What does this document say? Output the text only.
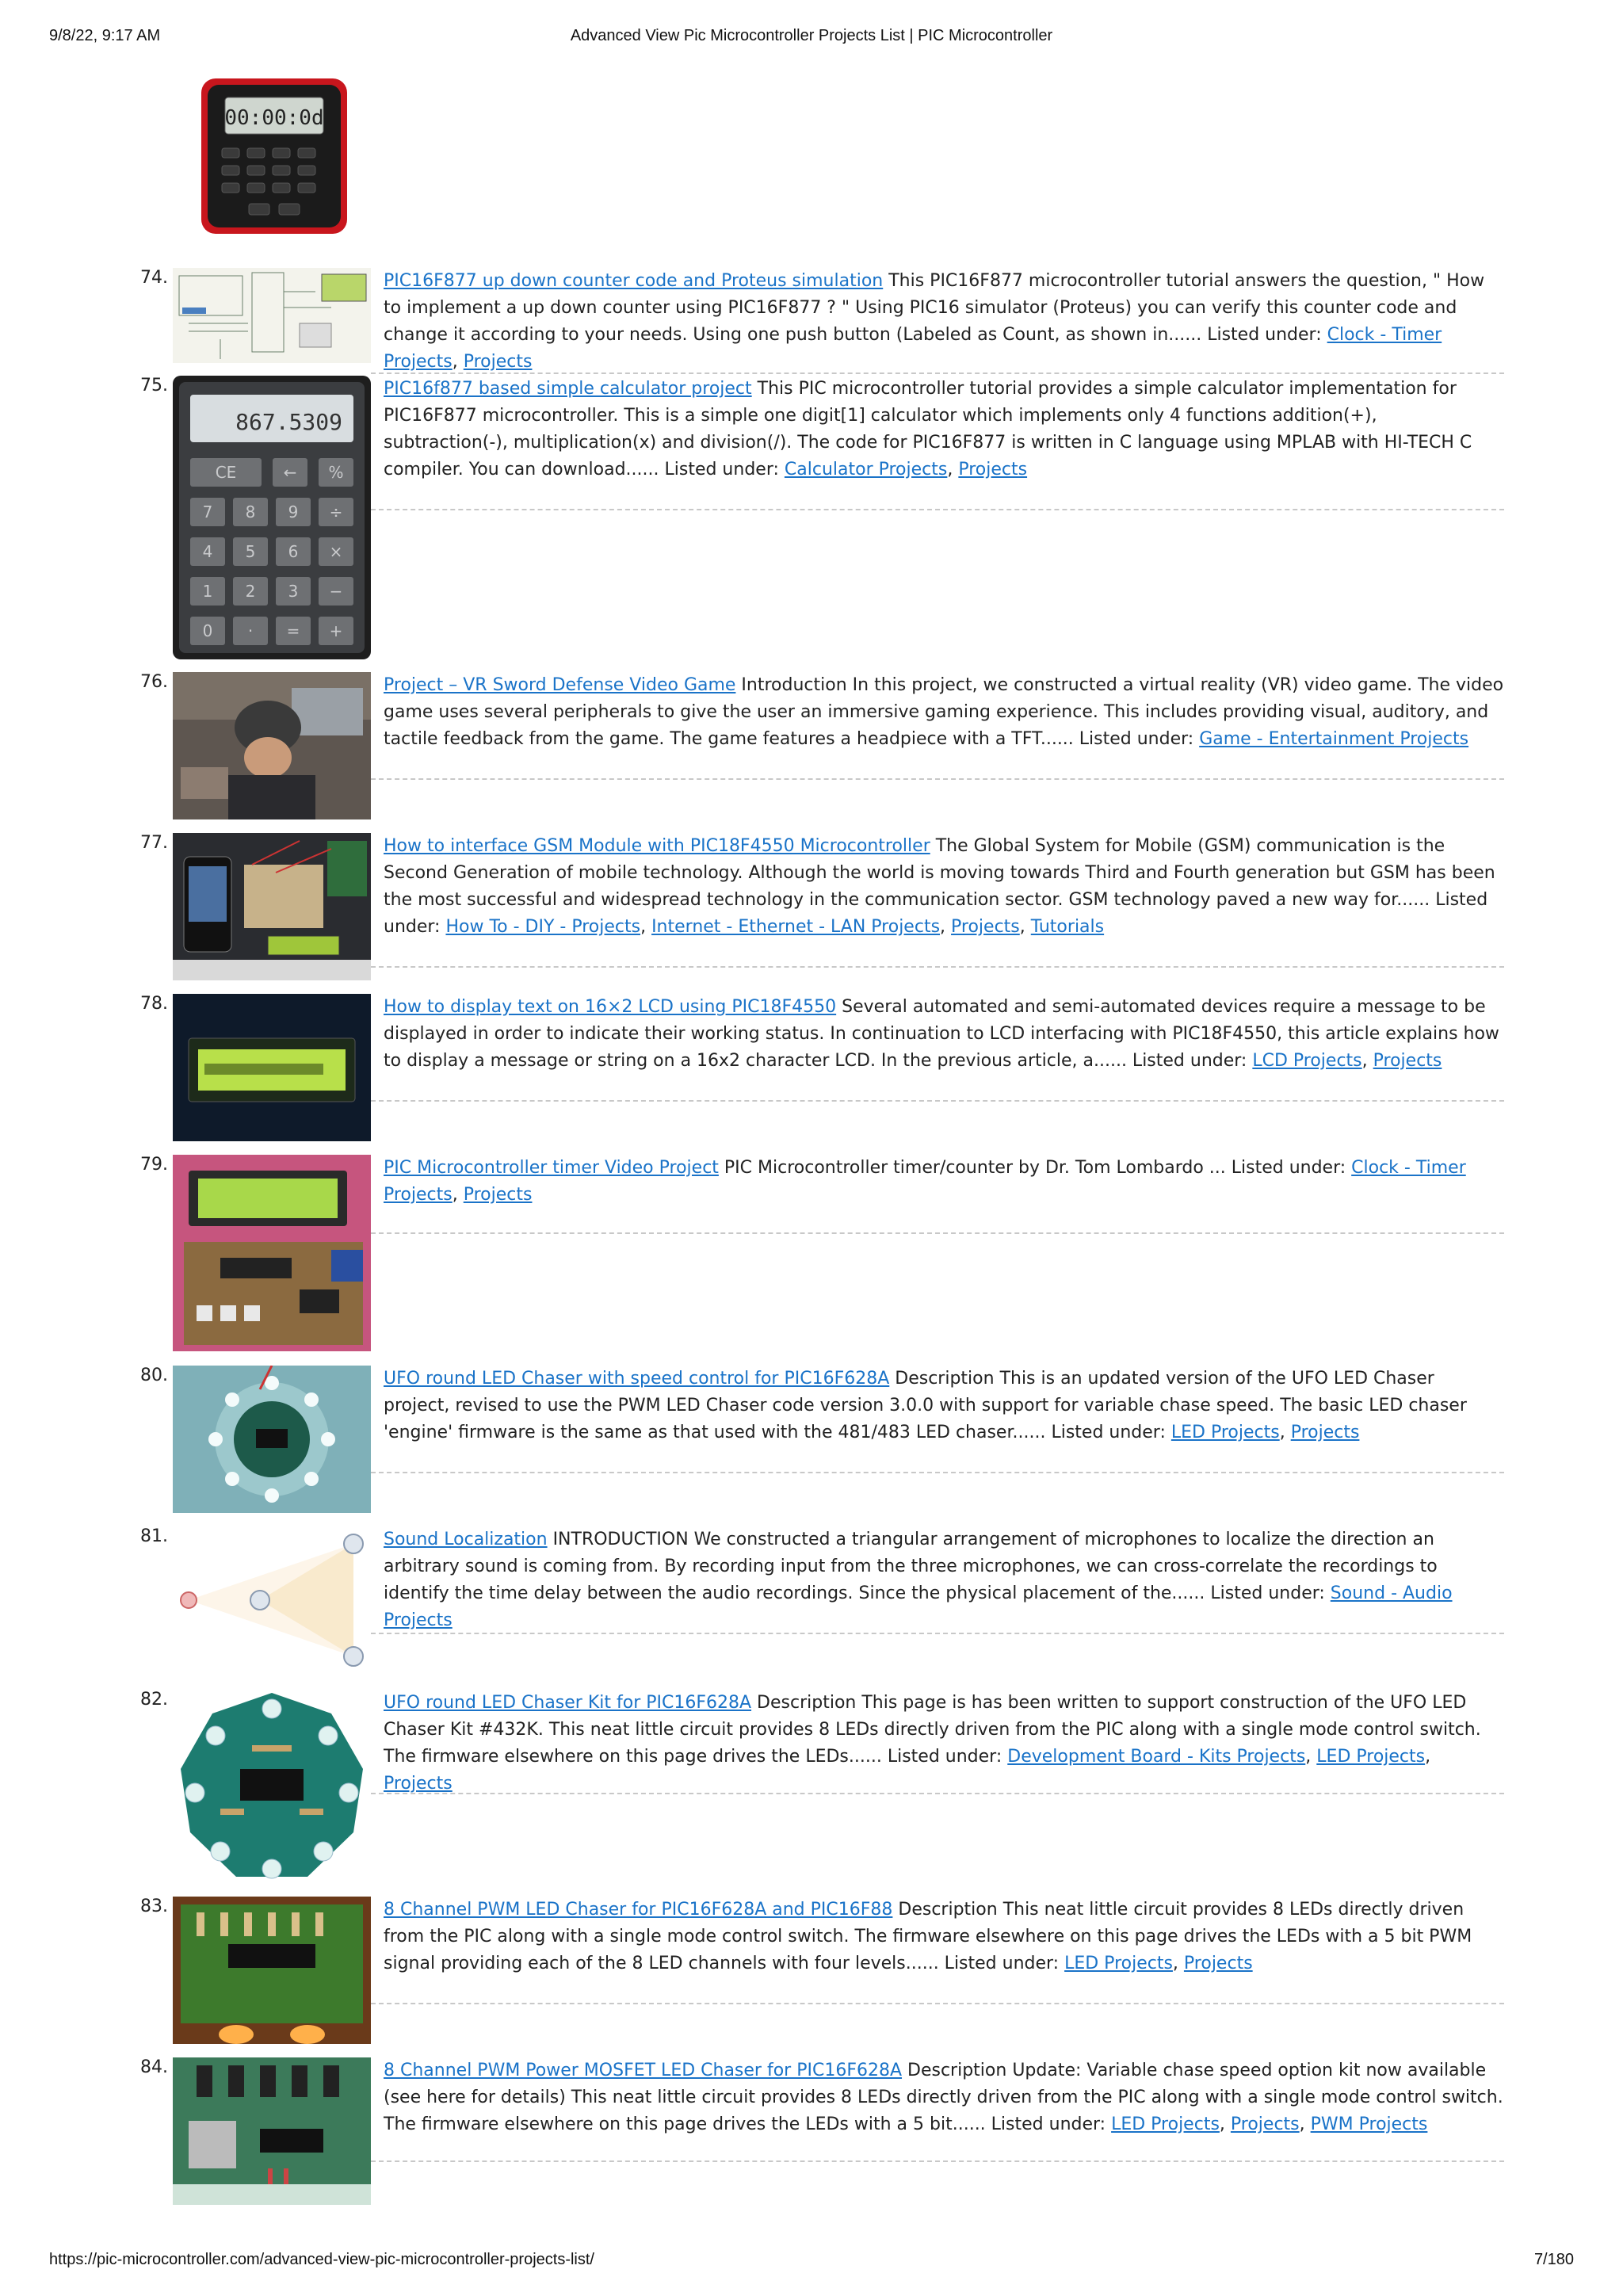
9/8/22, 9:17 AM	Advanced View Pic Microcontroller Projects List | PIC Microcontroller
00:00:0d
74.	PIC16F877 up down counter code and Proteus simulation This PIC16F877 microcontroller tutorial answers the question, " How to implement a up down counter using PIC16F877 ? " Using PIC16 simulator (Proteus) you can verify this counter code and change it according to your needs. Using one push button (Labeled as Count, as shown in...... Listed under: Clock - Timer Projects, Projects
75.
867.5309
CE	← %
7 8 9 ÷
4 5 6 ×
1 2 3 −
0 · = +
PIC16f877 based simple calculator project This PIC microcontroller tutorial provides a simple calculator implementation for PIC16F877 microcontroller. This is a simple one digit[1] calculator which implements only 4 functions addition(+), subtraction(-), multiplication(x) and division(/). The code for PIC16F877 is written in C language using MPLAB with HI-TECH C compiler. You can download...... Listed under: Calculator Projects, Projects
76.	Project – VR Sword Defense Video Game Introduction In this project, we constructed a virtual reality (VR) video game. The video game uses several peripherals to give the user an immersive gaming experience. This includes providing visual, auditory, and tactile feedback from the game. The game features a headpiece with a TFT...... Listed under: Game - Entertainment Projects
77.	How to interface GSM Module with PIC18F4550 Microcontroller The Global System for Mobile (GSM) communication is the Second Generation of mobile technology. Although the world is moving towards Third and Fourth generation but GSM has been the most successful and widespread technology in the communication sector. GSM technology paved a new way for...... Listed under: How To - DIY - Projects, Internet - Ethernet - LAN Projects, Projects, Tutorials
78.	How to display text on 16×2 LCD using PIC18F4550 Several automated and semi-automated devices require a message to be displayed in order to indicate their working status. In continuation to LCD interfacing with PIC18F4550, this article explains how to display a message or string on a 16x2 character LCD. In the previous article, a...... Listed under: LCD Projects, Projects
79.	PIC Microcontroller timer Video Project PIC Microcontroller timer/counter by Dr. Tom Lombardo ... Listed under: Clock - Timer Projects, Projects
80.	UFO round LED Chaser with speed control for PIC16F628A Description This is an updated version of the UFO LED Chaser project, revised to use the PWM LED Chaser code version 3.0.0 with support for variable chase speed. The basic LED chaser 'engine' firmware is the same as that used with the 481/483 LED chaser...... Listed under: LED Projects, Projects
81.	Sound Localization INTRODUCTION We constructed a triangular arrangement of microphones to localize the direction an arbitrary sound is coming from. By recording input from the three microphones, we can cross-correlate the recordings to identify the time delay between the audio recordings. Since the physical placement of the...... Listed under: Sound - Audio Projects
82.	UFO round LED Chaser Kit for PIC16F628A Description This page is has been written to support construction of the UFO LED Chaser Kit #432K. This neat little circuit provides 8 LEDs directly driven from the PIC along with a single mode control switch. The firmware elsewhere on this page drives the LEDs...... Listed under: Development Board - Kits Projects, LED Projects, Projects
83.	8 Channel PWM LED Chaser for PIC16F628A and PIC16F88 Description This neat little circuit provides 8 LEDs directly driven from the PIC along with a single mode control switch. The firmware elsewhere on this page drives the LEDs with a 5 bit PWM signal providing each of the 8 LED channels with four levels...... Listed under: LED Projects, Projects
84.	8 Channel PWM Power MOSFET LED Chaser for PIC16F628A Description Update: Variable chase speed option kit now available (see here for details) This neat little circuit provides 8 LEDs directly driven from the PIC along with a single mode control switch. The firmware elsewhere on this page drives the LEDs with a 5 bit...... Listed under: LED Projects, Projects, PWM Projects
https://pic-microcontroller.com/advanced-view-pic-microcontroller-projects-list/	7/180
